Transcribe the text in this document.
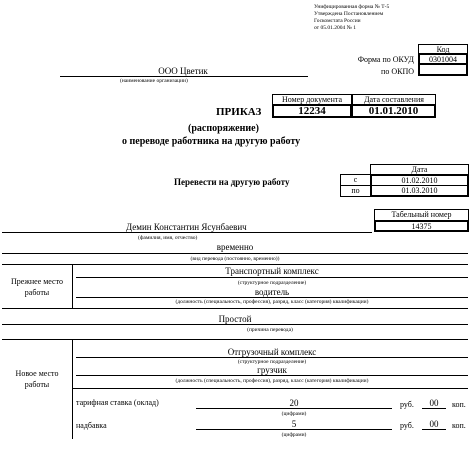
Унифицированная форма № Т-5
Утверждена Постановлением
Госкомстата России
от 05.01.2004 № 1
Код
Форма по ОКУД	0301004
по ОКПО
ООО Цветик
(наименование организации)
Номер документа	Дата составления
12234	01.01.2010
ПРИКАЗ
(распоряжение)
о переводе работника на другую работу
Дата
Перевести на другую работу	с	01.02.2010
по	01.03.2010
Табельный номер
14375
Демин Константин Ясунбаевич
(фамилия, имя, отчество)
временно
(вид перевода (постоянно, временно))
Прежнее место
работы
Транспортный комплекс
(структурное подразделение)
водитель
(должность (специальность, профессия), разряд, класс (категория) квалификации)
Простой
(причина перевода)
Новое место
работы
Отгрузочный комплекс
(структурное подразделение)
грузчик
(должность (специальность, профессия), разряд, класс (категория) квалификации)
тарифная ставка (оклад)	20	руб.	00	коп.
(цифрами)
надбавка	5	руб.	00	коп.
(цифрами)
